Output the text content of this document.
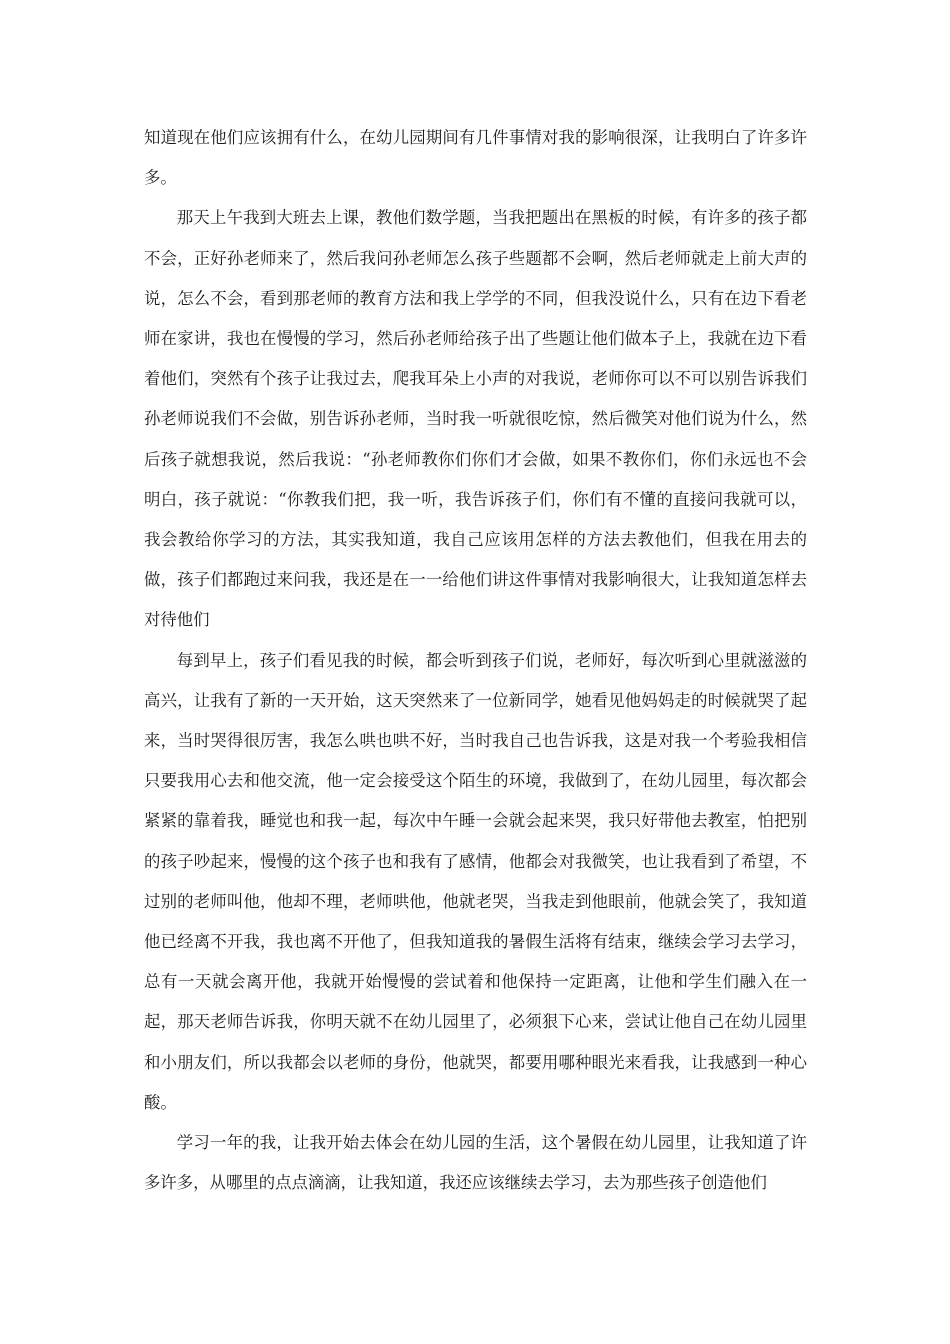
知道现在他们应该拥有什么，在幼儿园期间有几件事情对我的影响很深，让我明白了许多许多。

那天上午我到大班去上课，教他们数学题，当我把题出在黑板的时候，有许多的孩子都不会，正好孙老师来了，然后我问孙老师怎么孩子些题都不会啊，然后老师就走上前大声的说，怎么不会，看到那老师的教育方法和我上学学的不同，但我没说什么，只有在边下看老师在家讲，我也在慢慢的学习，然后孙老师给孩子出了些题让他们做本子上，我就在边下看着他们，突然有个孩子让我过去，爬我耳朵上小声的对我说，老师你可以不可以别告诉我们孙老师说我们不会做，别告诉孙老师，当时我一听就很吃惊，然后微笑对他们说为什么，然后孩子就想我说，然后我说：“孙老师教你们你们才会做，如果不教你们，你们永远也不会明白，孩子就说：“你教我们把，我一听，我告诉孩子们，你们有不懂的直接问我就可以，我会教给你学习的方法，其实我知道，我自己应该用怎样的方法去教他们，但我在用去的做，孩子们都跑过来问我，我还是在一一给他们讲这件事情对我影响很大，让我知道怎样去对待他们

每到早上，孩子们看见我的时候，都会听到孩子们说，老师好，每次听到心里就滋滋的高兴，让我有了新的一天开始，这天突然来了一位新同学，她看见他妈妈走的时候就哭了起来，当时哭得很厉害，我怎么哄也哄不好，当时我自己也告诉我，这是对我一个考验我相信只要我用心去和他交流，他一定会接受这个陌生的环境，我做到了，在幼儿园里，每次都会紧紧的靠着我，睡觉也和我一起，每次中午睡一会就会起来哭，我只好带他去教室，怕把别的孩子吵起来，慢慢的这个孩子也和我有了感情，他都会对我微笑，也让我看到了希望，不过别的老师叫他，他却不理，老师哄他，他就老哭，当我走到他眼前，他就会笑了，我知道他已经离不开我，我也离不开他了，但我知道我的暑假生活将有结束，继续会学习去学习，总有一天就会离开他，我就开始慢慢的尝试着和他保持一定距离，让他和学生们融入在一起，那天老师告诉我，你明天就不在幼儿园里了，必须狠下心来，尝试让他自己在幼儿园里和小朋友们，所以我都会以老师的身份，他就哭，都要用哪种眼光来看我，让我感到一种心酸。

学习一年的我，让我开始去体会在幼儿园的生活，这个暑假在幼儿园里，让我知道了许多许多，从哪里的点点滴滴，让我知道，我还应该继续去学习，去为那些孩子创造他们
